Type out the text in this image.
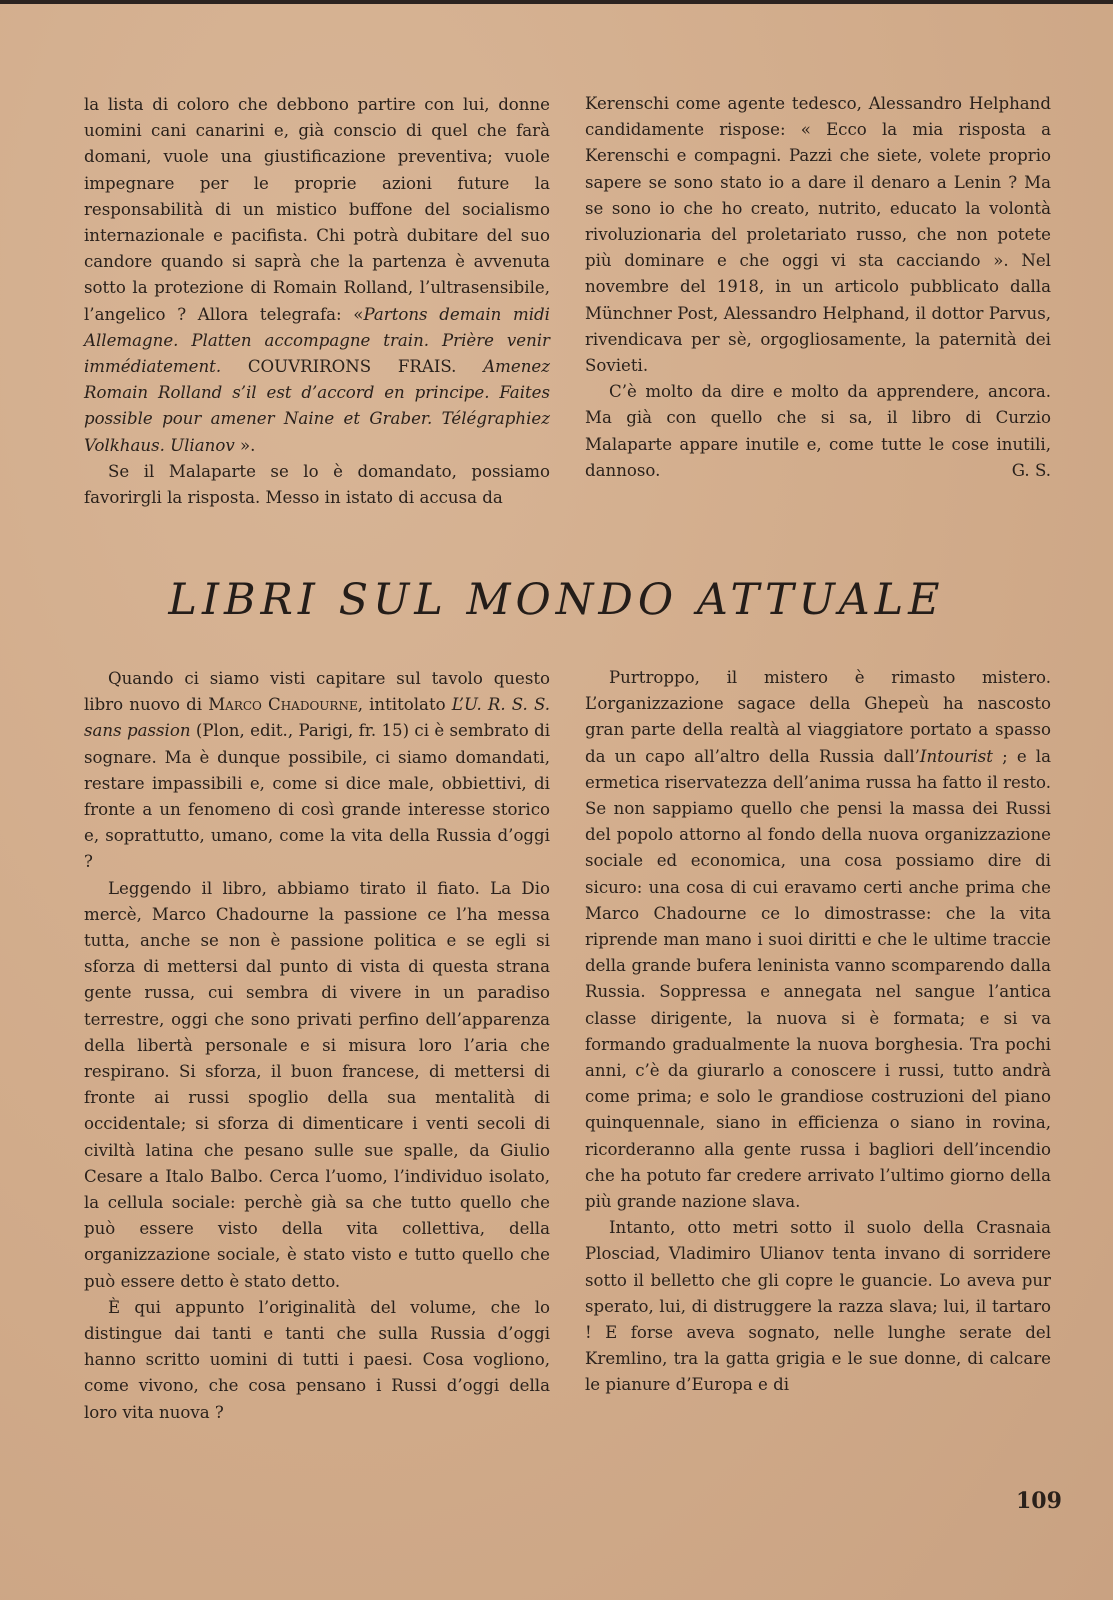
la lista di coloro che debbono partire con lui, donne uomini cani canarini e, già conscio di quel che farà domani, vuole una giustificazione preventiva; vuole impegnare per le proprie azioni future la responsabilità di un mistico buffone del socialismo internazionale e pacifista. Chi potrà dubitare del suo candore quando si saprà che la partenza è avvenuta sotto la protezione di Romain Rolland, l’ultrasensibile, l’angelico ? Allora telegrafa: «Partons demain midi Allemagne. Platten accompagne train. Prière venir immédiatement. COUVRIRONS FRAIS. Amenez Romain Rolland s’il est d’accord en principe. Faites possible pour amener Naine et Graber. Télégraphiez Volkhaus. Ulianov ».

Se il Malaparte se lo è domandato, possiamo favorirgli la risposta. Messo in istato di accusa da

Kerenschi come agente tedesco, Alessandro Helphand candidamente rispose: « Ecco la mia risposta a Kerenschi e compagni. Pazzi che siete, volete proprio sapere se sono stato io a dare il denaro a Lenin ? Ma se sono io che ho creato, nutrito, educato la volontà rivoluzionaria del proletariato russo, che non potete più dominare e che oggi vi sta cacciando ». Nel novembre del 1918, in un articolo pubblicato dalla Münchner Post, Alessandro Helphand, il dottor Parvus, rivendicava per sè, orgogliosamente, la paternità dei Sovieti.

C’è molto da dire e molto da apprendere, ancora. Ma già con quello che si sa, il libro di Curzio Malaparte appare inutile e, come tutte le cose inutili, dannoso.	G. S.

LIBRI SUL MONDO ATTUALE

Quando ci siamo visti capitare sul tavolo questo libro nuovo di Marco Chadourne, intitolato L’U. R. S. S. sans passion (Plon, edit., Parigi, fr. 15) ci è sembrato di sognare. Ma è dunque possibile, ci siamo domandati, restare impassibili e, come si dice male, obbiettivi, di fronte a un fenomeno di così grande interesse storico e, soprattutto, umano, come la vita della Russia d’oggi ?

Leggendo il libro, abbiamo tirato il fiato. La Dio mercè, Marco Chadourne la passione ce l’ha messa tutta, anche se non è passione politica e se egli si sforza di mettersi dal punto di vista di questa strana gente russa, cui sembra di vivere in un paradiso terrestre, oggi che sono privati perfino dell’apparenza della libertà personale e si misura loro l’aria che respirano. Si sforza, il buon francese, di mettersi di fronte ai russi spoglio della sua mentalità di occidentale; si sforza di dimenticare i venti secoli di civiltà latina che pesano sulle sue spalle, da Giulio Cesare a Italo Balbo. Cerca l’uomo, l’individuo isolato, la cellula sociale: perchè già sa che tutto quello che può essere visto della vita collettiva, della organizzazione sociale, è stato visto e tutto quello che può essere detto è stato detto.

È qui appunto l’originalità del volume, che lo distingue dai tanti e tanti che sulla Russia d’oggi hanno scritto uomini di tutti i paesi. Cosa vogliono, come vivono, che cosa pensano i Russi d’oggi della loro vita nuova ?

Purtroppo, il mistero è rimasto mistero. L’organizzazione sagace della Ghepeù ha nascosto gran parte della realtà al viaggiatore portato a spasso da un capo all’altro della Russia dall’Intourist ; e la ermetica riservatezza dell’anima russa ha fatto il resto. Se non sappiamo quello che pensi la massa dei Russi del popolo attorno al fondo della nuova organizzazione sociale ed economica, una cosa possiamo dire di sicuro: una cosa di cui eravamo certi anche prima che Marco Chadourne ce lo dimostrasse: che la vita riprende man mano i suoi diritti e che le ultime traccie della grande bufera leninista vanno scomparendo dalla Russia. Soppressa e annegata nel sangue l’antica classe dirigente, la nuova si è formata; e si va formando gradualmente la nuova borghesia. Tra pochi anni, c’è da giurarlo a conoscere i russi, tutto andrà come prima; e solo le grandiose costruzioni del piano quinquennale, siano in efficienza o siano in rovina, ricorderanno alla gente russa i bagliori dell’incendio che ha potuto far credere arrivato l’ultimo giorno della più grande nazione slava.

Intanto, otto metri sotto il suolo della Crasnaia Plosciad, Vladimiro Ulianov tenta invano di sorridere sotto il belletto che gli copre le guancie. Lo aveva pur sperato, lui, di distruggere la razza slava; lui, il tartaro ! E forse aveva sognato, nelle lunghe serate del Kremlino, tra la gatta grigia e le sue donne, di calcare le pianure d’Europa e di

109
